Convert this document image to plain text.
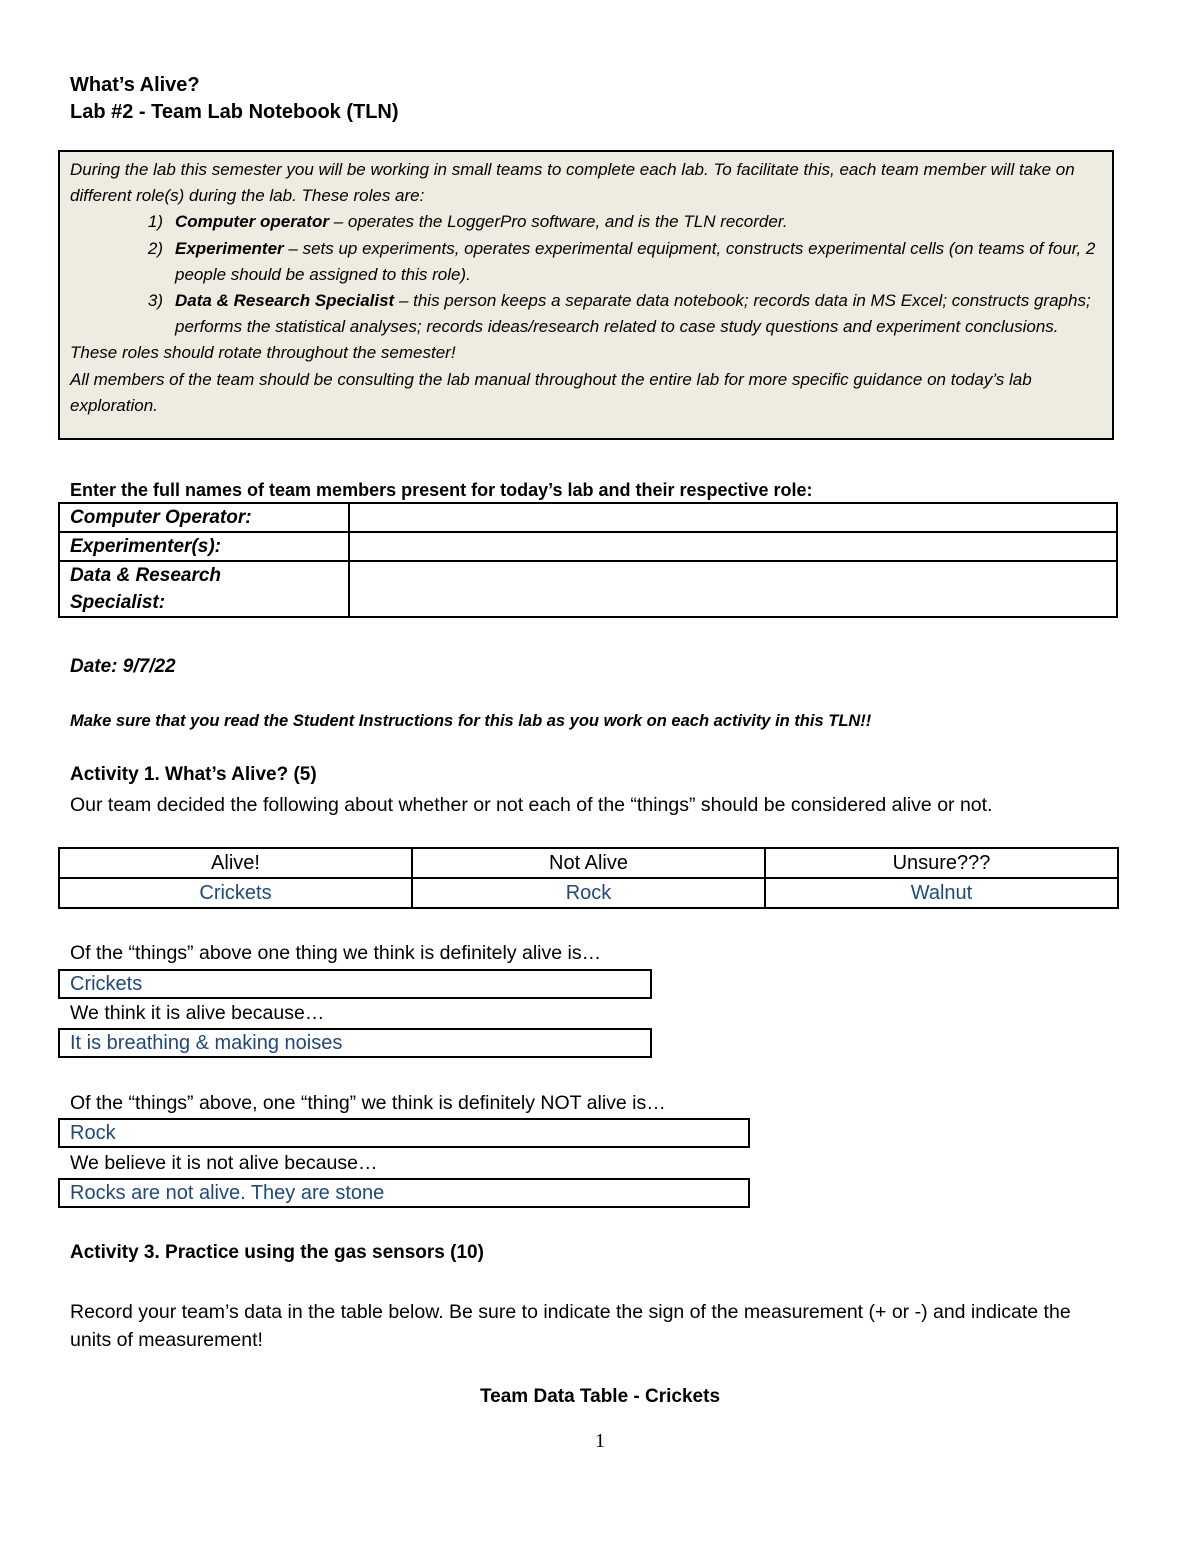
What’s Alive?

Lab #2 - Team Lab Notebook (TLN)

During the lab this semester you will be working in small teams to complete each lab. To facilitate this, each team member will take on different role(s) during the lab. These roles are:

1) Computer operator – operates the LoggerPro software, and is the TLN recorder.
2) Experimenter – sets up experiments, operates experimental equipment, constructs experimental cells (on teams of four, 2 people should be assigned to this role).
3) Data & Research Specialist – this person keeps a separate data notebook; records data in MS Excel; constructs graphs; performs the statistical analyses; records ideas/research related to case study questions and experiment conclusions.

These roles should rotate throughout the semester!

All members of the team should be consulting the lab manual throughout the entire lab for more specific guidance on today’s lab exploration.

Enter the full names of team members present for today’s lab and their respective role:
Computer Operator:	
Experimenter(s):	

Data & Research
Specialist:	

Date: 9/7/22
Make sure that you read the Student Instructions for this lab as you work on each activity in this TLN!!
Activity 1. What’s Alive? (5)
Our team decided the following about whether or not each of the “things” should be considered alive or not.
Alive!	Not Alive	Unsure???
Crickets	Rock	Walnut
Of the “things” above one thing we think is definitely alive is…
Crickets
We think it is alive because…
It is breathing & making noises
Of the “things” above, one “thing” we think is definitely NOT alive is…
Rock
We believe it is not alive because…
Rocks are not alive. They are stone
Activity 3. Practice using the gas sensors (10)
Record your team’s data in the table below. Be sure to indicate the sign of the measurement (+ or -) and indicate the units of measurement!
Team Data Table - Crickets
1
